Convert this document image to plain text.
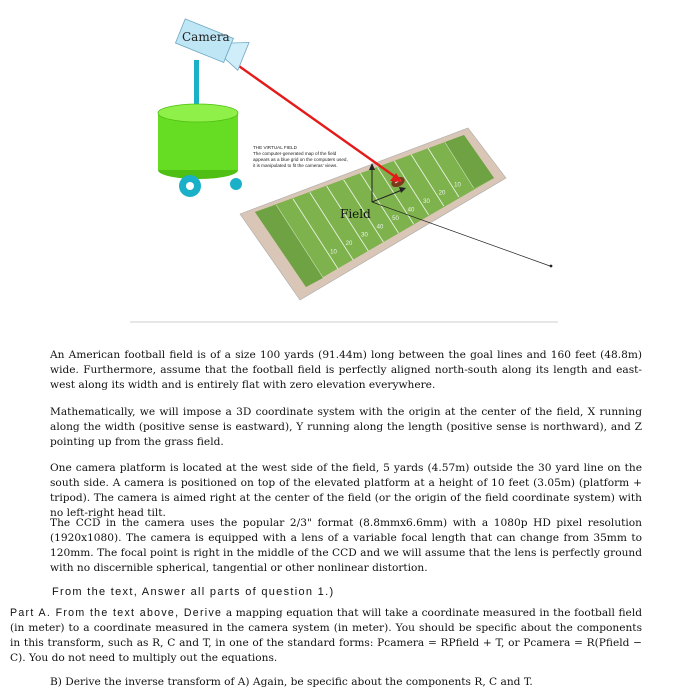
10
20
30
40
50
40
30
20
10
THE VIRTUAL FIELD
The computer-generated map of the field
appears as a blue grid on the computers used,
it is manipulated to fit the cameras' views.
Field
Camera

An American football field is of a size 100 yards (91.44m) long between the goal lines and 160 feet (48.8m) wide. Furthermore, assume that the football field is perfectly aligned north-south along its length and east-west along its width and is entirely flat with zero elevation everywhere.

Mathematically, we will impose a 3D coordinate system with the origin at the center of the field, X running along the width (positive sense is eastward), Y running along the length (positive sense is northward), and Z pointing up from the grass field.

One camera platform is located at the west side of the field, 5 yards (4.57m) outside the 30 yard line on the south side. A camera is positioned on top of the elevated platform at a height of 10 feet (3.05m) (platform + tripod). The camera is aimed right at the center of the field (or the origin of the field coordinate system) with no left-right head tilt.

The CCD in the camera uses the popular 2/3" format (8.8mmx6.6mm) with a 1080p HD pixel resolution (1920x1080). The camera is equipped with a lens of a variable focal length that can change from 35mm to 120mm. The focal point is right in the middle of the CCD and we will assume that the lens is perfectly ground with no discernible spherical, tangential or other nonlinear distortion.

From the text, Answer all parts of question 1.)

Part A. From the text above, Derive a mapping equation that will take a coordinate measured in the football field (in meter) to a coordinate measured in the camera system (in meter). You should be specific about the components in this transform, such as R, C and T, in one of the standard forms: Pcamera = RPfield + T, or Pcamera = R(Pfield − C). You do not need to multiply out the equations.

B) Derive the inverse transform of A) Again, be specific about the components R, C and T.
